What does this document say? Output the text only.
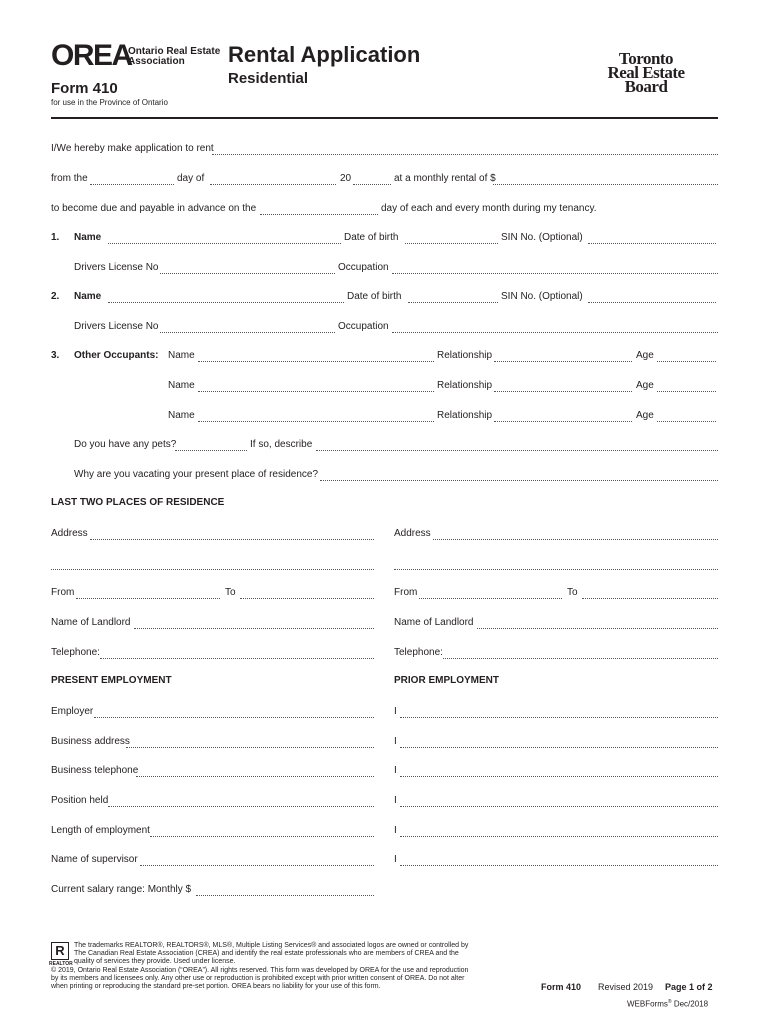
OREA
Ontario Real Estate
Association	Rental Application
Residential
Form 410
for use in the Province of Ontario
Toronto
Real Estate
Board
I/We hereby make application to rent
from the	day of	20	at a monthly rental of $
to become due and payable in advance on the	day of each and every month during my tenancy.
1. Name	Date of birth	SIN No. (Optional)
Drivers License No	Occupation
2. Name	Date of birth	SIN No. (Optional)
Drivers License No	Occupation
3. Other Occupants: Name	Relationship	Age
Name	Relationship	Age
Name	Relationship	Age
Do you have any pets?	If so, describe
Why are you vacating your present place of residence?
LAST TWO PLACES OF RESIDENCE
Address	Address
From	To	From	To
Name of Landlord	Name of Landlord
Telephone:	Telephone:
PRESENT EMPLOYMENT	PRIOR EMPLOYMENT
Employer	I
Business address	I
Business telephone	I
Position held	I
Length of employment	I
Name of supervisor	I
Current salary range: Monthly $
R
REALTOR
The trademarks REALTOR®, REALTORS®, MLS®, Multiple Listing Services® and associated logos are owned or controlled by
The Canadian Real Estate Association (CREA) and identify the real estate professionals who are members of CREA and the
quality of services they provide. Used under license.
© 2019, Ontario Real Estate Association (“OREA”). All rights reserved. This form was developed by OREA for the use and reproduction
by its members and licensees only. Any other use or reproduction is prohibited except with prior written consent of OREA. Do not alter
when printing or reproducing the standard pre-set portion. OREA bears no liability for your use of this form.	Form 410 Revised 2019 Page 1 of 2
WEBForms® Dec/2018
